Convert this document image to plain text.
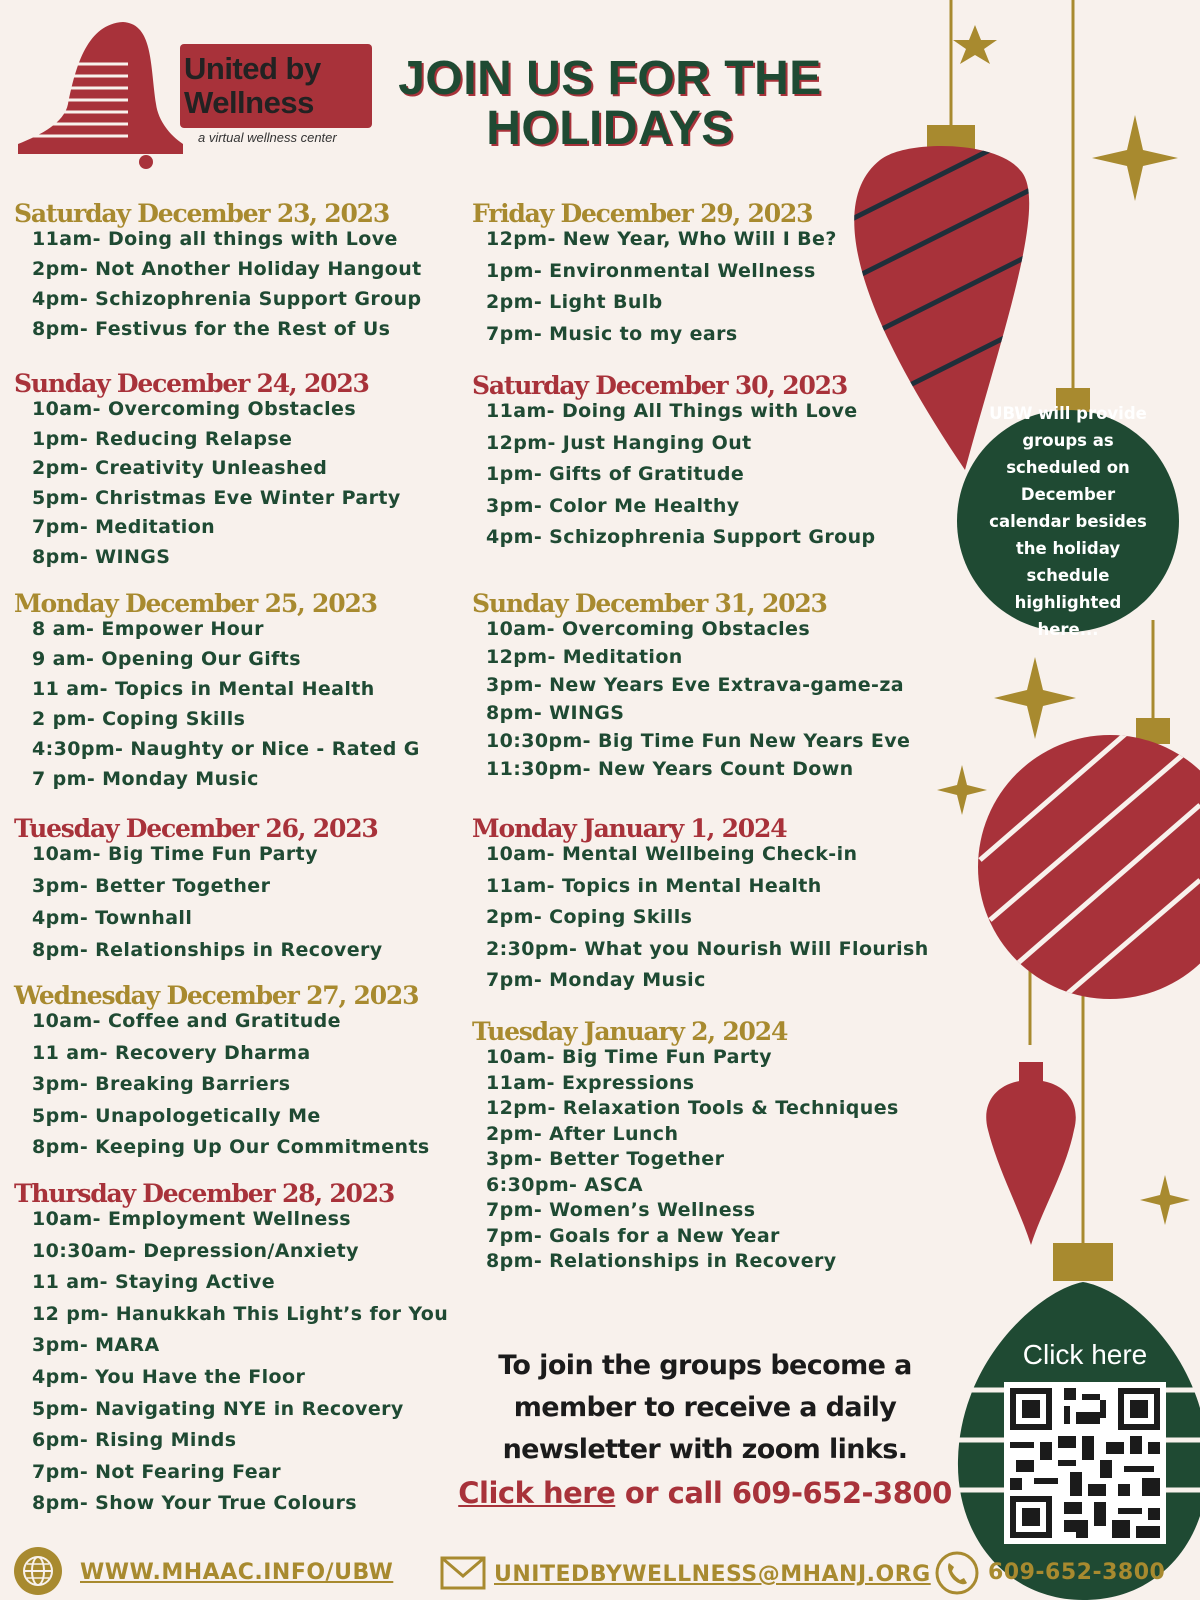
United by
Wellness
a virtual wellness center
JOIN US FOR THE
HOLIDAYS
Saturday December 23, 2023
11am- Doing all things with Love
2pm- Not Another Holiday Hangout
4pm- Schizophrenia Support Group
8pm- Festivus for the Rest of Us
Sunday December 24, 2023
10am- Overcoming Obstacles
1pm- Reducing Relapse
2pm- Creativity Unleashed
5pm- Christmas Eve Winter Party
7pm- Meditation
8pm- WINGS
Monday December 25, 2023
8 am- Empower Hour
9 am- Opening Our Gifts
11 am- Topics in Mental Health
2 pm- Coping Skills
4:30pm- Naughty or Nice - Rated G
7 pm- Monday Music
Tuesday December 26, 2023
10am- Big Time Fun Party
3pm- Better Together
4pm- Townhall
8pm- Relationships in Recovery
Wednesday December 27, 2023
10am- Coffee and Gratitude
11 am- Recovery Dharma
3pm- Breaking Barriers
5pm- Unapologetically Me
8pm- Keeping Up Our Commitments
Thursday December 28, 2023
10am- Employment Wellness
10:30am- Depression/Anxiety
11 am- Staying Active
12 pm- Hanukkah This Light’s for You
3pm- MARA
4pm- You Have the Floor
5pm- Navigating NYE in Recovery
6pm- Rising Minds
7pm- Not Fearing Fear
8pm- Show Your True Colours
Friday December 29, 2023
12pm- New Year, Who Will I Be?
1pm- Environmental Wellness
2pm- Light Bulb
7pm- Music to my ears
Saturday December 30, 2023
11am- Doing All Things with Love
12pm- Just Hanging Out
1pm- Gifts of Gratitude
3pm- Color Me Healthy
4pm- Schizophrenia Support Group
Sunday December 31, 2023
10am- Overcoming Obstacles
12pm- Meditation
3pm- New Years Eve Extrava-game-za
8pm- WINGS
10:30pm- Big Time Fun New Years Eve
11:30pm- New Years Count Down
Monday January 1, 2024
10am- Mental Wellbeing Check-in
11am- Topics in Mental Health
2pm- Coping Skills
2:30pm- What you Nourish Will Flourish
7pm- Monday Music
Tuesday January 2, 2024
10am- Big Time Fun Party
11am- Expressions
12pm- Relaxation Tools & Techniques
2pm- After Lunch
3pm- Better Together
6:30pm- ASCA
7pm- Women’s Wellness
7pm- Goals for a New Year
8pm- Relationships in Recovery
UBW will provide groups as scheduled on December calendar besides the holiday schedule highlighted here...
To join the groups become a member to receive a daily newsletter with zoom links.
Click here or call 609-652-3800
Click here
WWW.MHAAC.INFO/UBW	UNITEDBYWELLNESS@MHANJ.ORG	609-652-3800
